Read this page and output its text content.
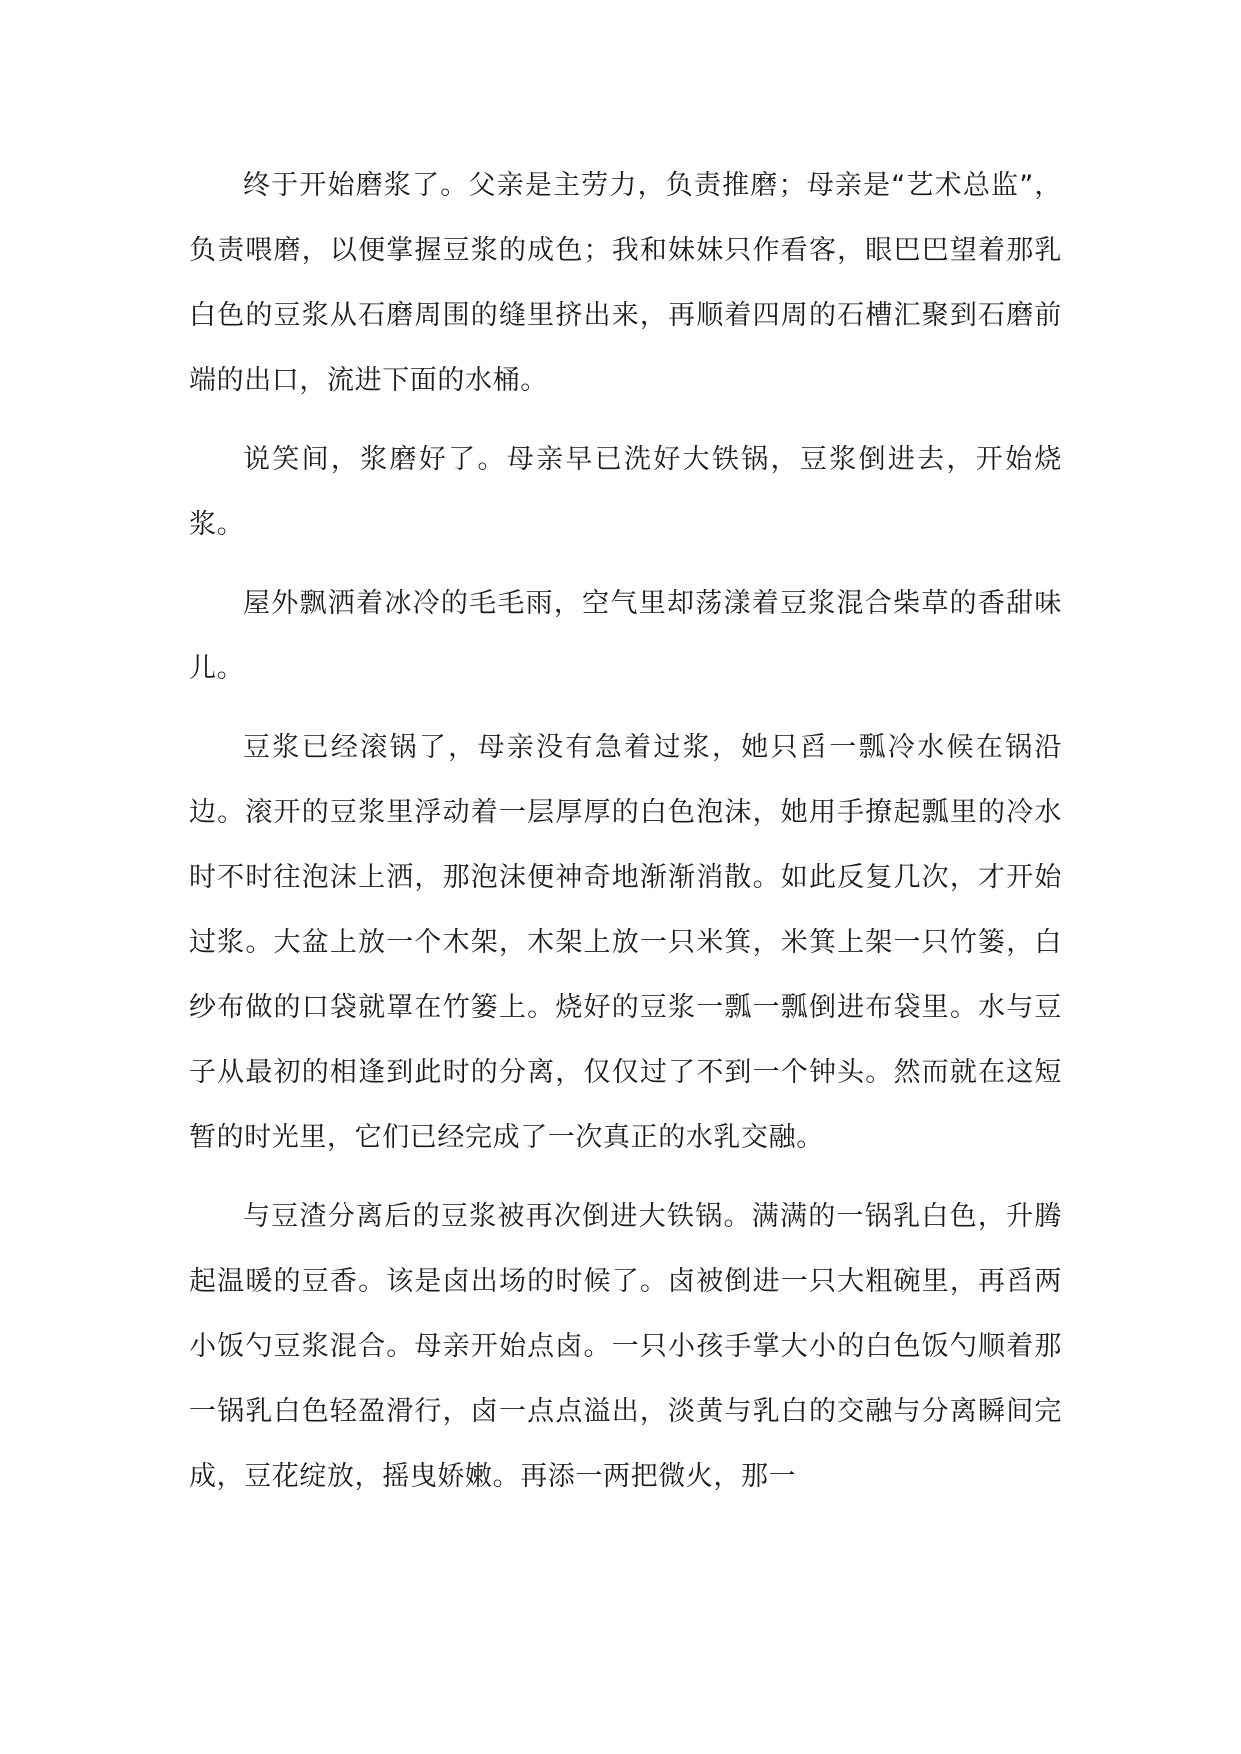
终于开始磨浆了。父亲是主劳力，负责推磨；母亲是“艺术总监”，负责喂磨，以便掌握豆浆的成色；我和妹妹只作看客，眼巴巴望着那乳白色的豆浆从石磨周围的缝里挤出来，再顺着四周的石槽汇聚到石磨前端的出口，流进下面的水桶。

说笑间，浆磨好了。母亲早已洗好大铁锅，豆浆倒进去，开始烧浆。

屋外飘洒着冰冷的毛毛雨，空气里却荡漾着豆浆混合柴草的香甜味儿。

豆浆已经滚锅了，母亲没有急着过浆，她只舀一瓢冷水候在锅沿边。滚开的豆浆里浮动着一层厚厚的白色泡沫，她用手撩起瓢里的冷水时不时往泡沫上洒，那泡沫便神奇地渐渐消散。如此反复几次，才开始过浆。大盆上放一个木架，木架上放一只米箕，米箕上架一只竹篓，白纱布做的口袋就罩在竹篓上。烧好的豆浆一瓢一瓢倒进布袋里。水与豆子从最初的相逢到此时的分离，仅仅过了不到一个钟头。然而就在这短暂的时光里，它们已经完成了一次真正的水乳交融。

与豆渣分离后的豆浆被再次倒进大铁锅。满满的一锅乳白色，升腾起温暖的豆香。该是卤出场的时候了。卤被倒进一只大粗碗里，再舀两小饭勺豆浆混合。母亲开始点卤。一只小孩手掌大小的白色饭勺顺着那一锅乳白色轻盈滑行，卤一点点溢出，淡黄与乳白的交融与分离瞬间完成，豆花绽放，摇曳娇嫩。再添一两把微火，那一
